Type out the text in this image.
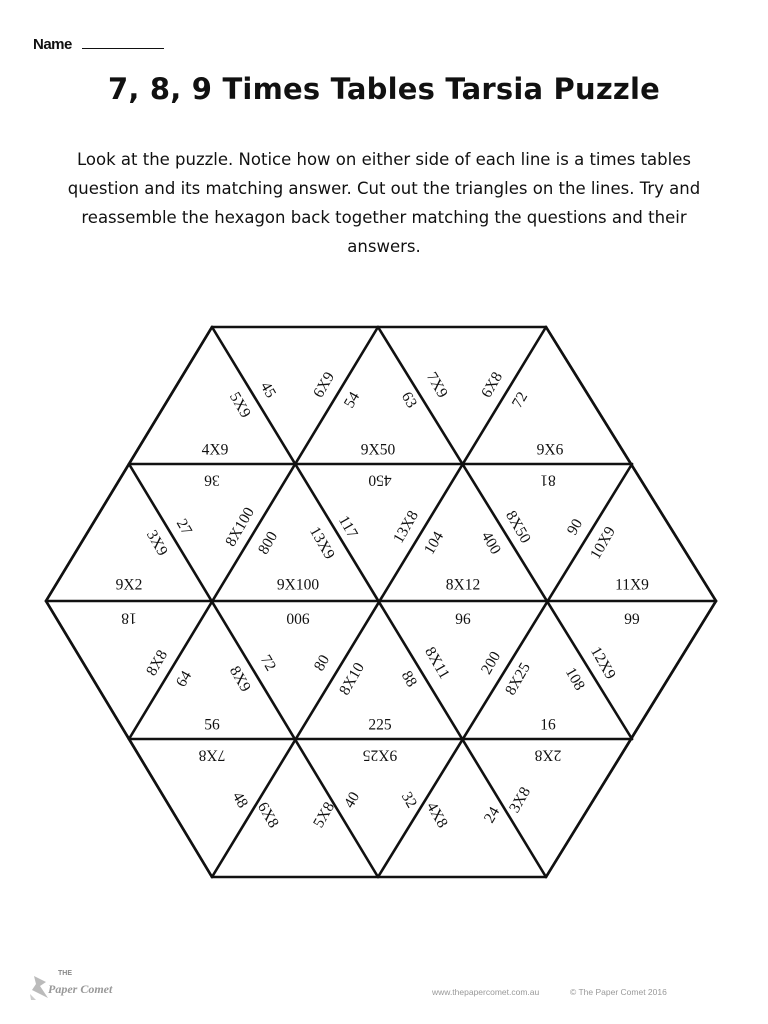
Name
7, 8, 9 Times Tables Tarsia Puzzle
Look at the puzzle. Notice how on either side of each line is a times tables question and its matching answer. Cut out the triangles on the lines. Try and reassemble the hexagon back together matching the questions and their answers.
45
5X9
6X9 54 63 7X9 6X8 72
4X9	9X50	9X6
36	450	81
27
3X9	8X100
800
117
13X9	13X8
104 400
8X50 90 10X9
9X2	9X100	8X12	11X9
18	900	96	66
8X8
64
72
8X9
80 8X10 88 8X11 200
8X25 108
12X9
56	225	16
7X8	9X25	2X8
48 6X8 5X8 40 32 4X8 24 3X8
THE
Paper Comet	www.thepapercomet.com.au	© The Paper Comet 2016
